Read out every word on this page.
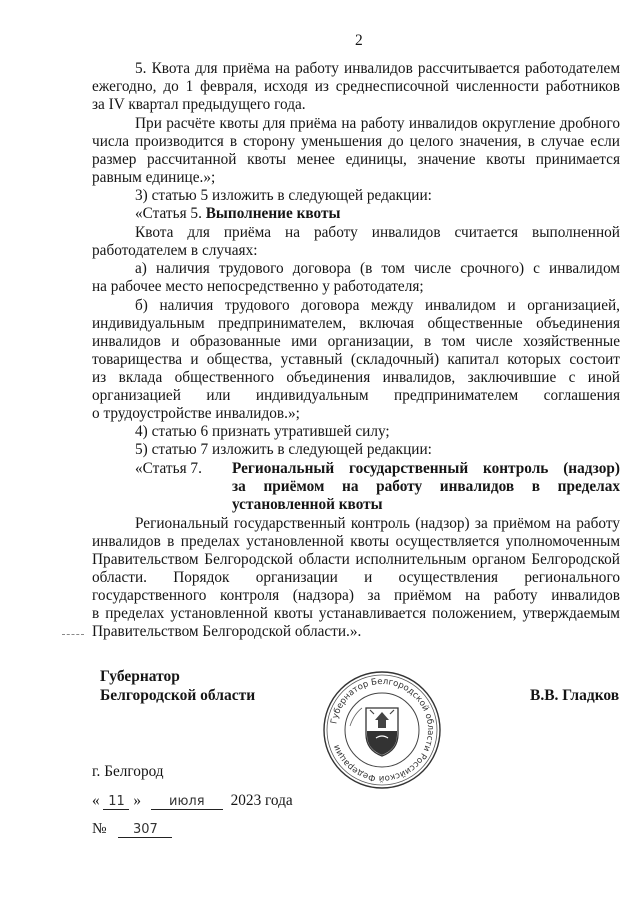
2
5. Квота для приёма на работу инвалидов рассчитывается работодателем
ежегодно, до 1 февраля, исходя из среднесписочной численности работников
за IV квартал предыдущего года.
При расчёте квоты для приёма на работу инвалидов округление дробного
числа производится в сторону уменьшения до целого значения, в случае если
размер рассчитанной квоты менее единицы, значение квоты принимается
равным единице.»;
3) статью 5 изложить в следующей редакции:
Квота для приёма на работу инвалидов считается выполненной
работодателем в случаях:
а) наличия трудового договора (в том числе срочного) с инвалидом
на рабочее место непосредственно у работодателя;
б) наличия трудового договора между инвалидом и организацией,
индивидуальным предпринимателем, включая общественные объединения
инвалидов и образованные ими организации, в том числе хозяйственные
товарищества и общества, уставный (складочный) капитал которых состоит
из вклада общественного объединения инвалидов, заключившие с иной
организацией или индивидуальным предпринимателем соглашения
о трудоустройстве инвалидов.»;
4) статью 6 признать утратившей силу;
5) статью 7 изложить в следующей редакции:
Региональный государственный контроль (надзор) за приёмом на работу
инвалидов в пределах установленной квоты осуществляется уполномоченным
Правительством Белгородской области исполнительным органом Белгородской
области. Порядок организации и осуществления регионального
государственного контроля (надзора) за приёмом на работу инвалидов
в пределах установленной квоты устанавливается положением, утверждаемым
Правительством Белгородской области.».
«Статья 5. Выполнение квоты
«Статья 7. Региональный государственный контроль (надзор)
за приёмом на работу инвалидов в пределах
установленной квоты
Губернатор
Белгородской области	В.В. Гладков
Губернатор Белгородской области Российской Федерации
г. Белгород
« 11 » июля 2023 года
№ 307
